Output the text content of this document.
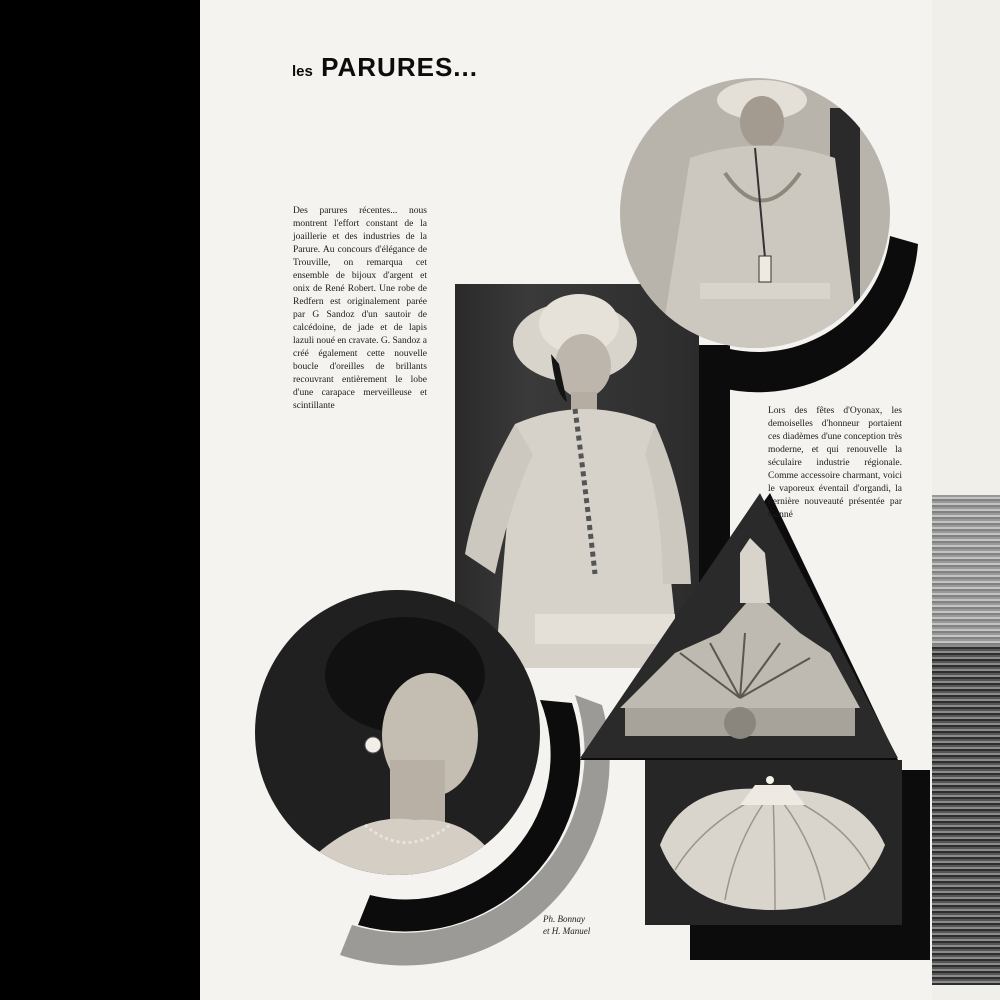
les PARURES...

Des parures récentes... nous montrent l'effort constant de la joaillerie et des industries de la Parure. Au concours d'élégance de Trouville, on remarqua cet ensemble de bijoux d'argent et onix de René Robert. Une robe de Redfern est originalement parée par G Sandoz d'un sautoir de calcédoine, de jade et de lapis lazuli noué en cravate. G. Sandoz a créé également cette nouvelle boucle d'oreilles de brillants recouvrant entièrement le lobe d'une carapace merveilleuse et scintillante	Lors des fêtes d'Oyonax, les demoiselles d'honneur portaient ces diadèmes d'une conception très moderne, et qui renouvelle la séculaire industrie régionale. Comme accessoire charmant, voici le vaporeux éventail d'organdi, la dernière nouveauté présentée par Ganné

Ph. Bonnay
et H. Manuel
